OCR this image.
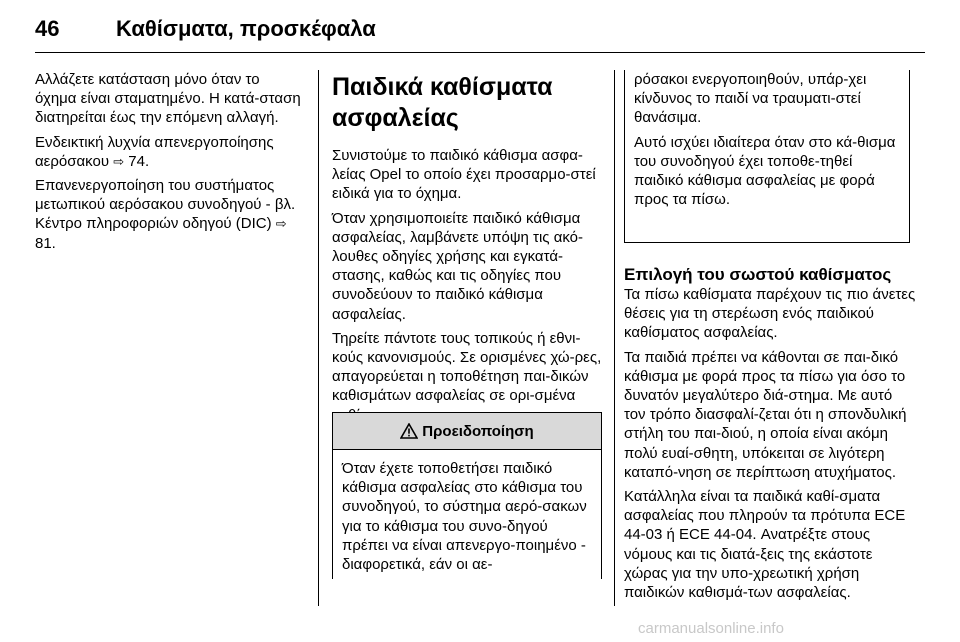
46	Καθίσματα, προσκέφαλα

Αλλάζετε κατάσταση μόνο όταν το όχημα είναι σταματημένο. Η κατά-σταση διατηρείται έως την επόμενη αλλαγή.

Ενδεικτική λυχνία απενεργοποίησης αερόσακου ⇨ 74.

Επανενεργοποίηση του συστήματος μετωπικού αερόσακου συνοδηγού - βλ. Κέντρο πληροφοριών οδηγού (DIC) ⇨ 81.

Παιδικά καθίσματα ασφαλείας

Συνιστούμε το παιδικό κάθισμα ασφα-λείας Opel το οποίο έχει προσαρμο-στεί ειδικά για το όχημα.

Όταν χρησιμοποιείτε παιδικό κάθισμα ασφαλείας, λαμβάνετε υπόψη τις ακό-λουθες οδηγίες χρήσης και εγκατά-στασης, καθώς και τις οδηγίες που συνοδεύουν το παιδικό κάθισμα ασφαλείας.

Τηρείτε πάντοτε τους τοπικούς ή εθνι-κούς κανονισμούς. Σε ορισμένες χώ-ρες, απαγορεύεται η τοποθέτηση παι-δικών καθισμάτων ασφαλείας σε ορι-σμένα

Προειδοποίηση
Όταν έχετε τοποθετήσει παιδικό κάθισμα ασφαλείας στο κάθισμα του συνοδηγού, το σύστημα αερό-σακων για το κάθισμα του συνο-δηγού πρέπει να είναι απενεργο-ποιημένο - διαφορετικά, εάν οι αε-

ρόσακοι ενεργοποιηθούν, υπάρ-χει κίνδυνος το παιδί να τραυματι-στεί θανάσιμα.

Αυτό ισχύει ιδιαίτερα όταν στο κά-θισμα του συνοδηγού έχει τοποθε-τηθεί παιδικό κάθισμα ασφαλείας με φορά προς τα πίσω.

Επιλογή του σωστού καθίσματος

Τα πίσω καθίσματα παρέχουν τις πιο άνετες θέσεις για τη στερέωση ενός παιδικού καθίσματος ασφαλείας.

Τα παιδιά πρέπει να κάθονται σε παι-δικό κάθισμα με φορά προς τα πίσω για όσο το δυνατόν μεγαλύτερο διά-στημα. Με αυτό τον τρόπο διασφαλί-ζεται ότι η σπονδυλική στήλη του παι-διού, η οποία είναι ακόμη πολύ ευαί-σθητη, υπόκειται σε λιγότερη καταπό-νηση σε περίπτωση ατυχήματος.

Κατάλληλα είναι τα παιδικά καθί-σματα ασφαλείας που πληρούν τα πρότυπα ECE 44-03 ή ECE 44-04. Ανατρέξτε στους νόμους και τις διατά-ξεις της εκάστοτε χώρας για την υπο-χρεωτική χρήση παιδικών καθισμά-των ασφαλείας.

carmanualsonline.info
